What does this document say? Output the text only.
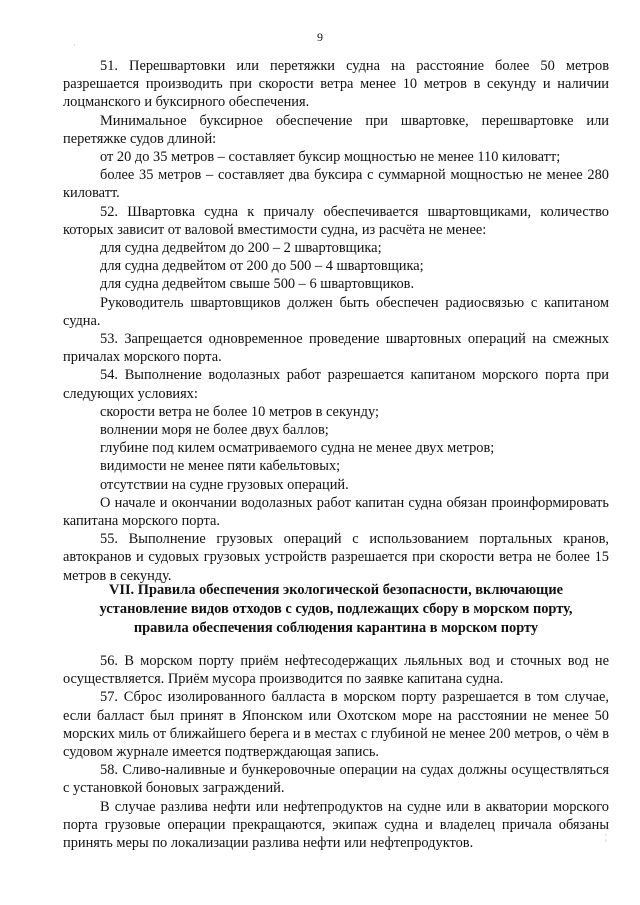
9

51. Перешвартовки или перетяжки судна на расстояние более 50 метров разрешается производить при скорости ветра менее 10 метров в секунду и наличии лоцманского и буксирного обеспечения.

Минимальное буксирное обеспечение при швартовке, перешвартовке или перетяжке судов длиной:

от 20 до 35 метров – составляет буксир мощностью не менее 110 киловатт;

более 35 метров – составляет два буксира с суммарной мощностью не менее 280 киловатт.

52. Швартовка судна к причалу обеспечивается швартовщиками, количество которых зависит от валовой вместимости судна, из расчёта не менее:

для судна дедвейтом до 200 – 2 швартовщика;

для судна дедвейтом от 200 до 500 – 4 швартовщика;

для судна дедвейтом свыше 500 – 6 швартовщиков.

Руководитель швартовщиков должен быть обеспечен радиосвязью с капитаном судна.

53. Запрещается одновременное проведение швартовных операций на смежных причалах морского порта.

54. Выполнение водолазных работ разрешается капитаном морского порта при следующих условиях:

скорости ветра не более 10 метров в секунду;

волнении моря не более двух баллов;

глубине под килем осматриваемого судна не менее двух метров;

видимости не менее пяти кабельтовых;

отсутствии на судне грузовых операций.

О начале и окончании водолазных работ капитан судна обязан проинформировать капитана морского порта.

55. Выполнение грузовых операций с использованием портальных кранов, автокранов и судовых грузовых устройств разрешается при скорости ветра не более 15 метров в секунду.

VII. Правила обеспечения экологической безопасности, включающие
установление видов отходов с судов, подлежащих сбору в морском порту,
правила обеспечения соблюдения карантина в морском порту

56. В морском порту приём нефтесодержащих льяльных вод и сточных вод не осуществляется. Приём мусора производится по заявке капитана судна.

57. Сброс изолированного балласта в морском порту разрешается в том случае, если балласт был принят в Японском или Охотском море на расстоянии не менее 50 морских миль от ближайшего берега и в местах с глубиной не менее 200 метров, о чём в судовом журнале имеется подтверждающая запись.

58. Сливо-наливные и бункеровочные операции на судах должны осуществляться с установкой боновых заграждений.

В случае разлива нефти или нефтепродуктов на судне или в акватории морского порта грузовые операции прекращаются, экипаж судна и владелец причала обязаны принять меры по локализации разлива нефти или нефтепродуктов.

·
¦
